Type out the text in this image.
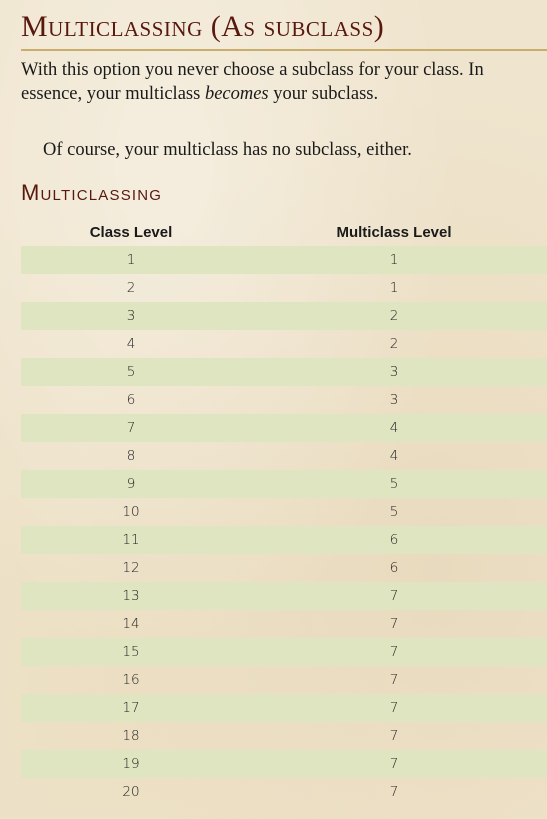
Multiclassing (As subclass)

With this option you never choose a subclass for your class. In essence, your multiclass becomes your subclass.

Of course, your multiclass has no subclass, either.

Multiclassing
Class Level	Multiclass Level
1	1
2	1
3	2
4	2
5	3
6	3
7	4
8	4
9	5
10	5
11	6
12	6
13	7
14	7
15	7
16	7
17	7
18	7
19	7
20	7
